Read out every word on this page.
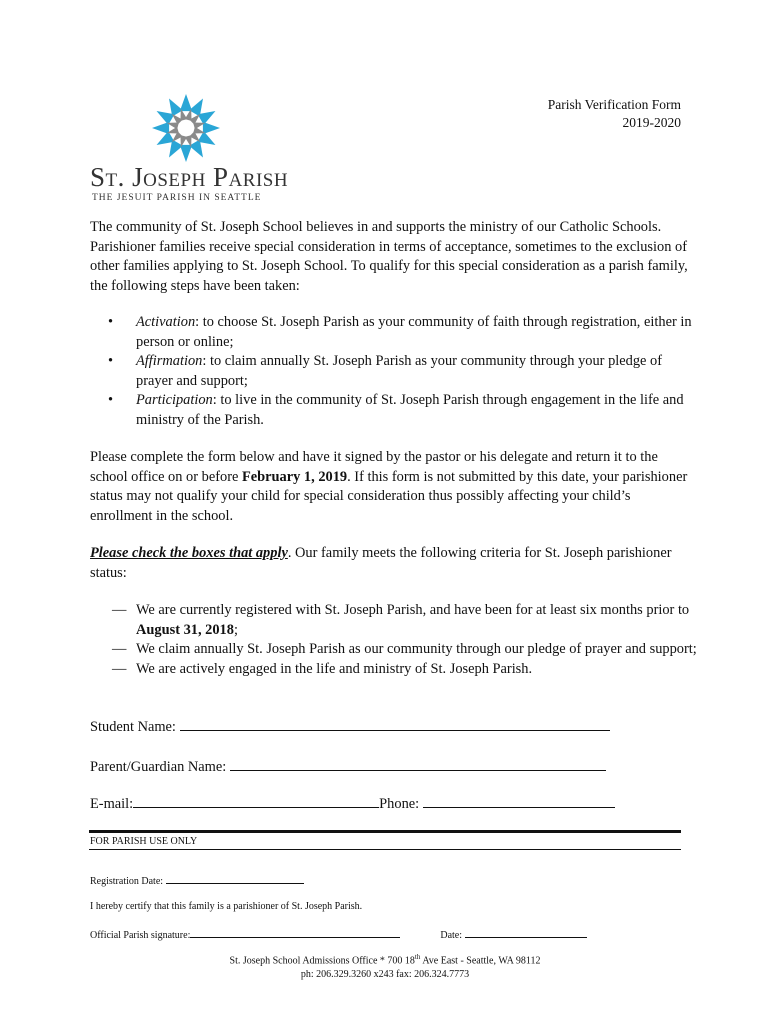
St. Joseph Parish
THE JESUIT PARISH IN SEATTLE
Parish Verification Form
2019-2020
The community of St. Joseph School believes in and supports the ministry of our Catholic Schools. Parishioner families receive special consideration in terms of acceptance, sometimes to the exclusion of other families applying to St. Joseph School. To qualify for this special consideration as a parish family, the following steps have been taken:
• Activation: to choose St. Joseph Parish as your community of faith through registration, either in person or online;
• Affirmation: to claim annually St. Joseph Parish as your community through your pledge of prayer and support;
• Participation: to live in the community of St. Joseph Parish through engagement in the life and ministry of the Parish.
Please complete the form below and have it signed by the pastor or his delegate and return it to the school office on or before February 1, 2019. If this form is not submitted by this date, your parishioner status may not qualify your child for special consideration thus possibly affecting your child’s enrollment in the school.
Please check the boxes that apply. Our family meets the following criteria for St. Joseph parishioner status:
— We are currently registered with St. Joseph Parish, and have been for at least six months prior to August 31, 2018;
— We claim annually St. Joseph Parish as our community through our pledge of prayer and support;
— We are actively engaged in the life and ministry of St. Joseph Parish.
Student Name:
Parent/Guardian Name:
E-mail:	Phone:
FOR PARISH USE ONLY
Registration Date:
I hereby certify that this family is a parishioner of St. Joseph Parish.
Official Parish signature:	Date:
St. Joseph School Admissions Office * 700 18th Ave East - Seattle, WA 98112
ph: 206.329.3260 x243 fax: 206.324.7773
